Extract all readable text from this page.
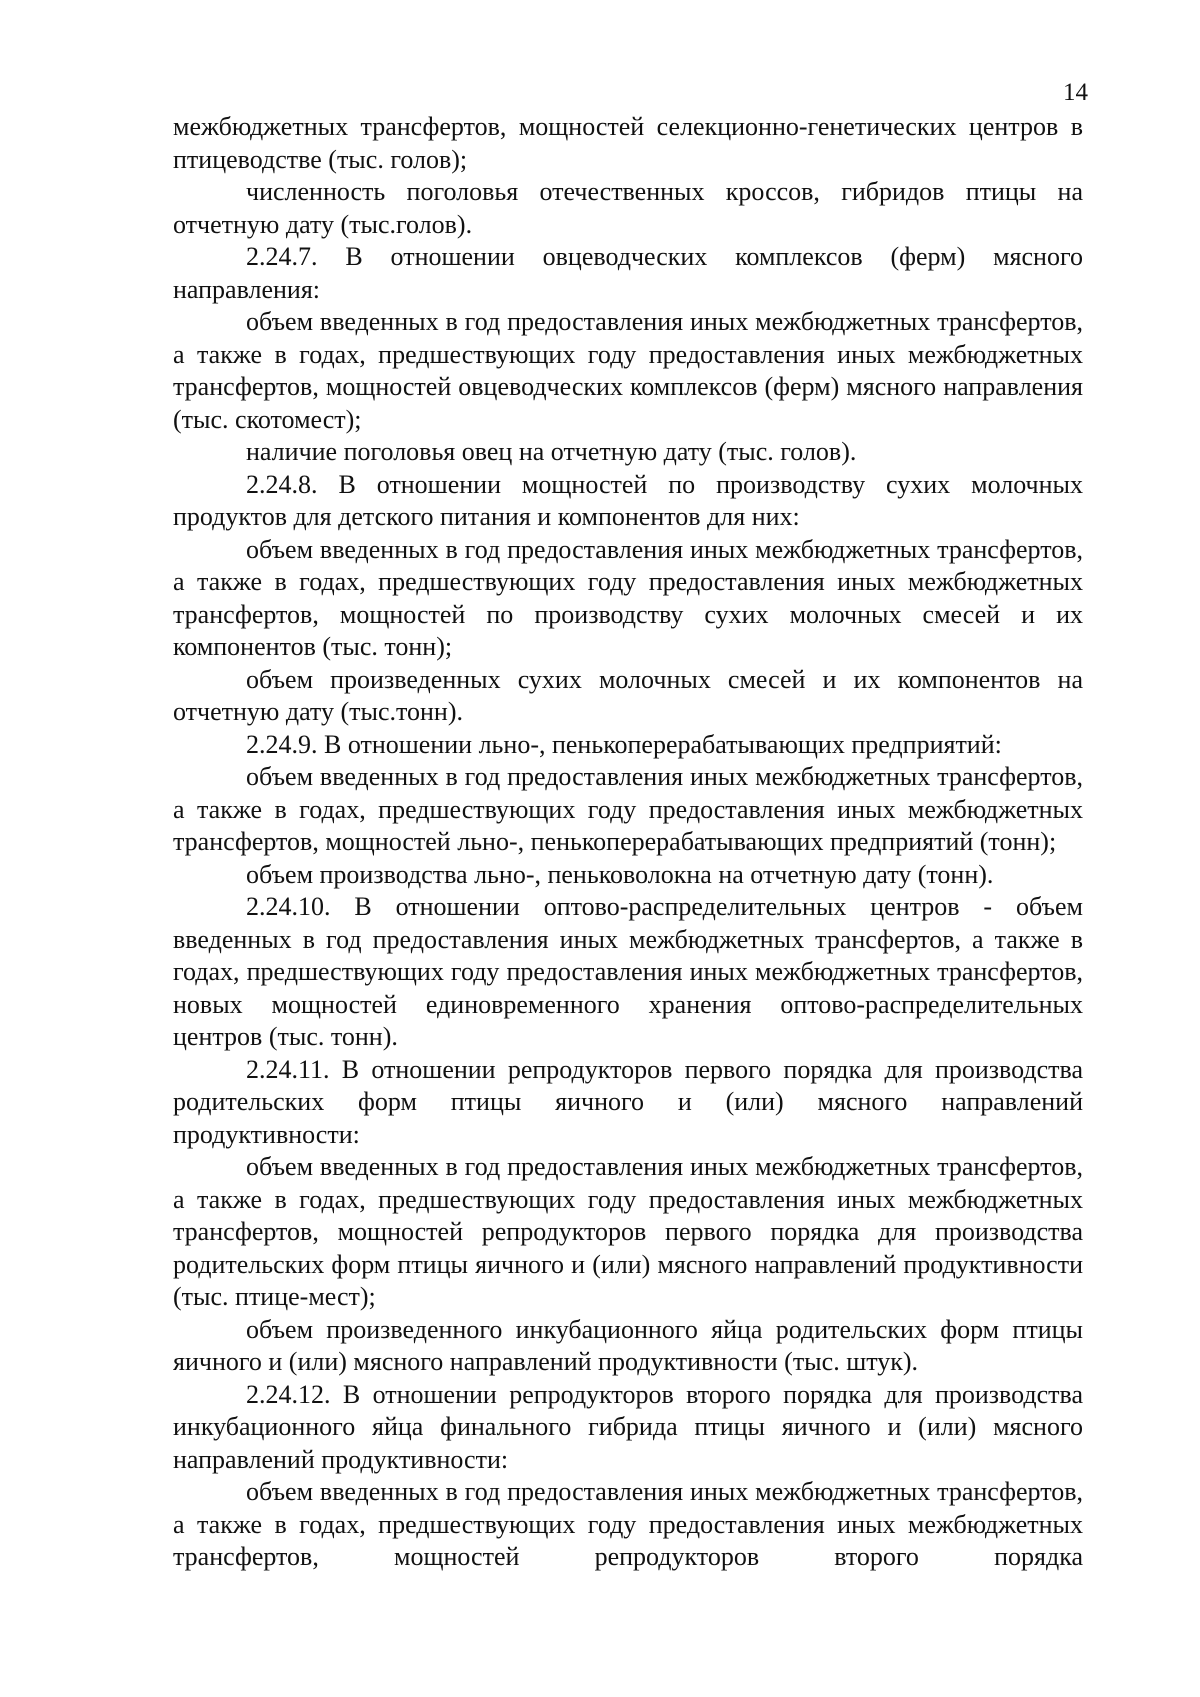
14

межбюджетных трансфертов, мощностей селекционно-генетических центров в птицеводстве (тыс. голов);

численность поголовья отечественных кроссов, гибридов птицы на отчетную дату (тыс.голов).

2.24.7. В отношении овцеводческих комплексов (ферм) мясного направления:

объем введенных в год предоставления иных межбюджетных трансфертов, а также в годах, предшествующих году предоставления иных межбюджетных трансфертов, мощностей овцеводческих комплексов (ферм) мясного направления (тыс. скотомест);

наличие поголовья овец на отчетную дату (тыс. голов).

2.24.8. В отношении мощностей по производству сухих молочных продуктов для детского питания и компонентов для них:

объем введенных в год предоставления иных межбюджетных трансфертов, а также в годах, предшествующих году предоставления иных межбюджетных трансфертов, мощностей по производству сухих молочных смесей и их компонентов (тыс. тонн);

объем произведенных сухих молочных смесей и их компонентов на отчетную дату (тыс.тонн).

2.24.9. В отношении льно-, пенькоперерабатывающих предприятий:

объем введенных в год предоставления иных межбюджетных трансфертов, а также в годах, предшествующих году предоставления иных межбюджетных трансфертов, мощностей льно-, пенькоперерабатывающих предприятий (тонн);

объем производства льно-, пеньковолокна на отчетную дату (тонн).

2.24.10. В отношении оптово-распределительных центров - объем введенных в год предоставления иных межбюджетных трансфертов, а также в годах, предшествующих году предоставления иных межбюджетных трансфертов, новых мощностей единовременного хранения оптово-распределительных центров (тыс. тонн).

2.24.11. В отношении репродукторов первого порядка для производства родительских форм птицы яичного и (или) мясного направлений продуктивности:

объем введенных в год предоставления иных межбюджетных трансфертов, а также в годах, предшествующих году предоставления иных межбюджетных трансфертов, мощностей репродукторов первого порядка для производства родительских форм птицы яичного и (или) мясного направлений продуктивности (тыс. птице-мест);

объем произведенного инкубационного яйца родительских форм птицы яичного и (или) мясного направлений продуктивности (тыс. штук).

2.24.12. В отношении репродукторов второго порядка для производства инкубационного яйца финального гибрида птицы яичного и (или) мясного направлений продуктивности:

объем введенных в год предоставления иных межбюджетных трансфертов, а также в годах, предшествующих году предоставления иных межбюджетных трансфертов, мощностей репродукторов второго порядка
